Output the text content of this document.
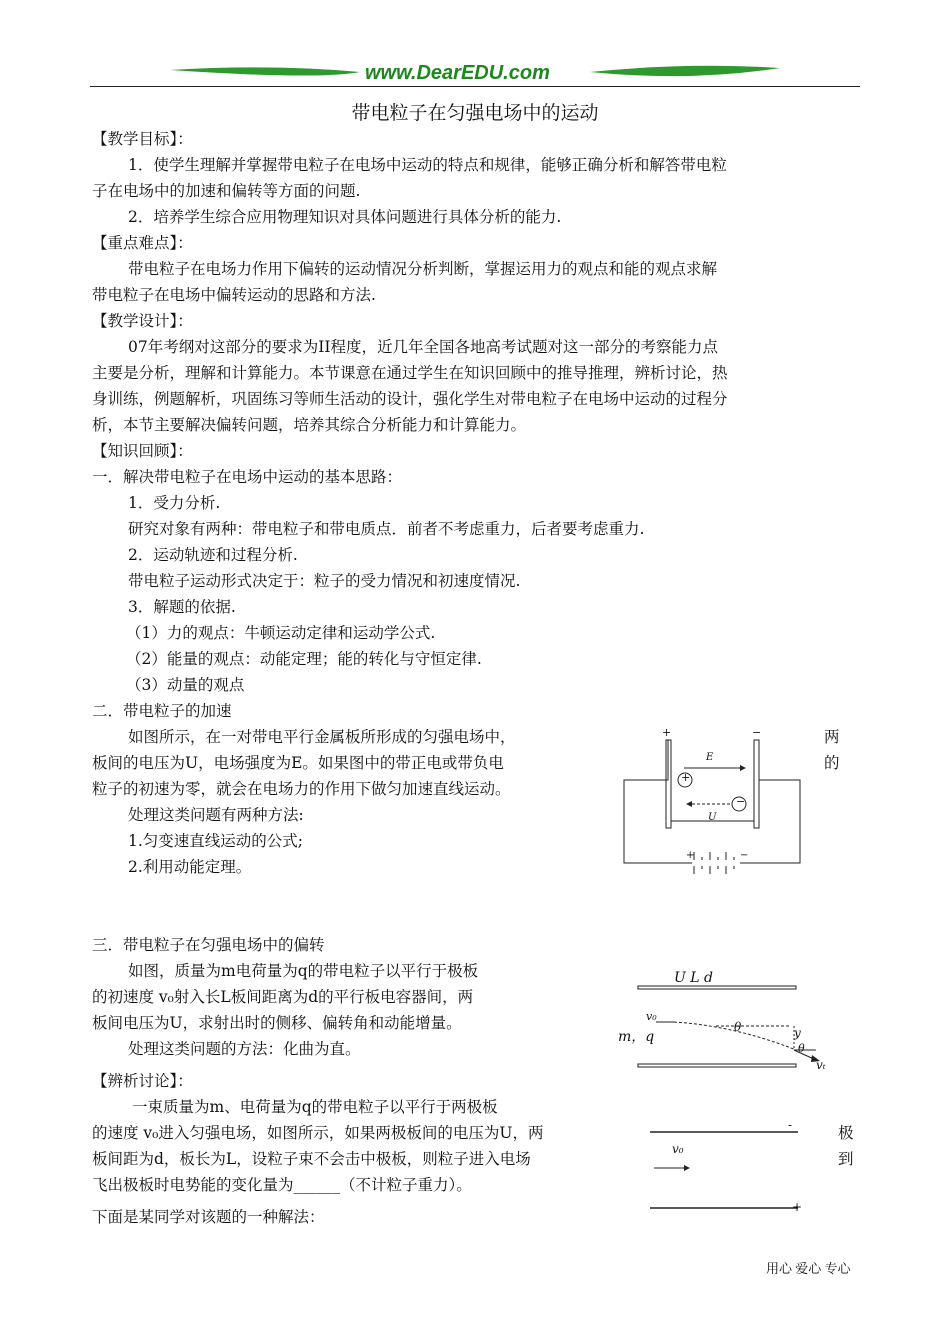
www.DearEDU.com
带电粒子在匀强电场中的运动
【教学目标】：
1．使学生理解并掌握带电粒子在电场中运动的特点和规律，能够正确分析和解答带电粒
子在电场中的加速和偏转等方面的问题.
2．培养学生综合应用物理知识对具体问题进行具体分析的能力.
【重点难点】：
带电粒子在电场力作用下偏转的运动情况分析判断，掌握运用力的观点和能的观点求解
带电粒子在电场中偏转运动的思路和方法.
【教学设计】：
07年考纲对这部分的要求为II程度，近几年全国各地高考试题对这一部分的考察能力点
主要是分析，理解和计算能力。本节课意在通过学生在知识回顾中的推导推理，辨析讨论，热
身训练，例题解析，巩固练习等师生活动的设计，强化学生对带电粒子在电场中运动的过程分
析，本节主要解决偏转问题，培养其综合分析能力和计算能力。
【知识回顾】：
一．解决带电粒子在电场中运动的基本思路：
1．受力分析.
研究对象有两种：带电粒子和带电质点．前者不考虑重力，后者要考虑重力.
2．运动轨迹和过程分析.
带电粒子运动形式决定于：粒子的受力情况和初速度情况.
3．解题的依据.
（1）力的观点：牛顿运动定律和运动学公式.
（2）能量的观点：动能定理；能的转化与守恒定律.
（3）动量的观点
二．带电粒子的加速
如图所示，在一对带电平行金属板所形成的匀强电场中，
板间的电压为U，电场强度为E。如果图中的带正电或带负电
粒子的初速为零，就会在电场力的作用下做匀加速直线运动。
处理这类问题有两种方法:
1.匀变速直线运动的公式;
2.利用动能定理。
三．带电粒子在匀强电场中的偏转
如图，质量为m电荷量为q的带电粒子以平行于极板
的初速度 v₀射入长L板间距离为d的平行板电容器间，两
板间电压为U，求射出时的侧移、偏转角和动能增量。
处理这类问题的方法：化曲为直。
【辨析讨论】：
一束质量为m、电荷量为q的带电粒子以平行于两极板
的速度 v₀进入匀强电场，如图所示，如果两极板间的电压为U，两
板间距为d，板长为L，设粒子束不会击中极板，则粒子进入电场
飞出极板时电势能的变化量为______（不计粒子重力）。
下面是某同学对该题的一种解法：
两
的
极
到
+	−
+
−
E
U
+	−
U L d
v₀
m，q
θ	y
θ
vₜ
-
v₀
+
用心 爱心 专心
